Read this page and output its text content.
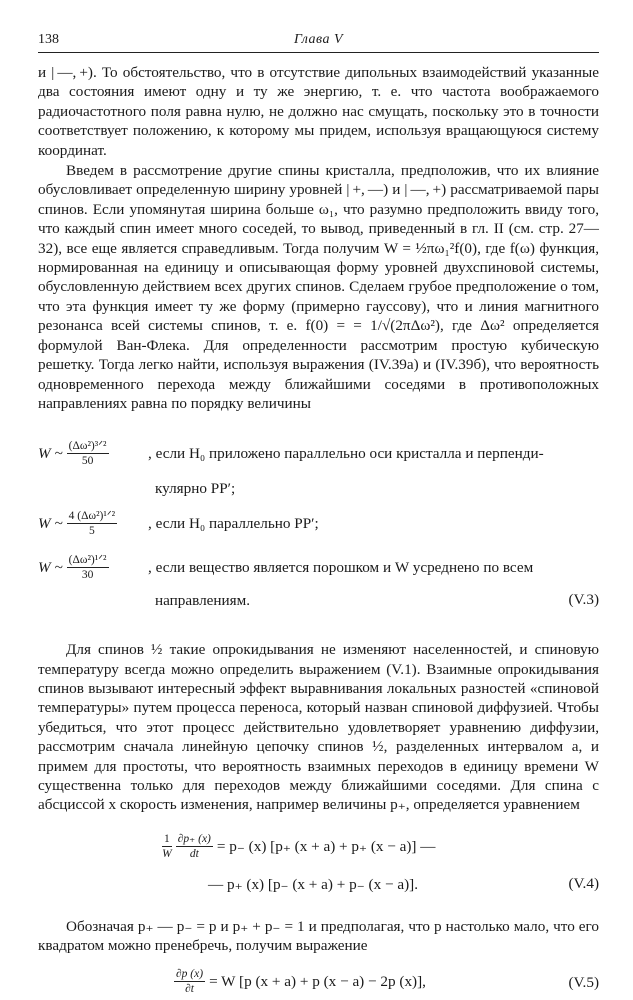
138	Глава V

и | —, +). То обстоятельство, что в отсутствие дипольных взаимодействий указанные два состояния имеют одну и ту же энергию, т. е. что частота воображаемого радиочастотного поля равна нулю, не должно нас смущать, поскольку это в точности соответствует положению, к которому мы придем, используя вращающуюся систему координат.

Введем в рассмотрение другие спины кристалла, предположив, что их влияние обусловливает определенную ширину уровней | +, —) и | —, +) рассматриваемой пары спинов. Если упомянутая ширина больше ω₁, что разумно предположить ввиду того, что каждый спин имеет много соседей, то вывод, приведенный в гл. II (см. стр. 27—32), все еще является справедливым. Тогда получим W = ½πω₁²f(0), где f(ω) функция, нормированная на единицу и описывающая форму уровней двухспиновой системы, обусловленную действием всех других спинов. Сделаем грубое предположение о том, что эта функция имеет ту же форму (примерно гауссову), что и линия магнитного резонанса всей системы спинов, т. е. f(0) = = 1/√(2πΔω²), где Δω² определяется формулой Ван-Флека. Для определенности рассмотрим простую кубическую решетку. Тогда легко найти, используя выражения (IV.39а) и (IV.39б), что вероятность одновременного перехода между ближайшими соседями в противоположных направлениях равна по порядку величины

W ~ $\frac{\text{(Δω²)³ᐟ²}}{50}$	, если H₀ приложено параллельно оси кристалла и перпенди-
кулярно PP′;
W ~ $\frac{\text{4 (Δω²)¹ᐟ²}}{5}$ , если H₀ параллельно PP′;
W ~ $\frac{\text{(Δω²)¹ᐟ²}}{30}$	, если вещество является порошком и W усреднено по всем
направлениям.	(V.3)

Для спинов ½ такие опрокидывания не изменяют населенностей, и спиновую температуру всегда можно определить выражением (V.1). Взаимные опрокидывания спинов вызывают интересный эффект выравнивания локальных разностей «спиновой температуры» путем процесса переноса, который назван спиновой диффузией. Чтобы убедиться, что этот процесс действительно удовлетворяет уравнению диффузии, рассмотрим сначала линейную цепочку спинов ½, разделенных интервалом a, и примем для простоты, что вероятность взаимных переходов в единицу времени W существенна только для переходов между ближайшими соседями. Для спина с абсциссой x скорость изменения, например величины p₊, определяется уравнением

$\frac{1}{W} \frac{\partial p_+ (x)}{dt} = p_-$ (x) [p₊ (x + a) + p₊ (x − a)] —
— p₊ (x) [p₋ (x + a) + p₋ (x − a)].	(V.4)

Обозначая p₊ — p₋ = p и p₊ + p₋ = 1 и предполагая, что p настолько мало, что его квадратом можно пренебречь, получим выражение

$\frac{\partial p (x)}{\partial t} = W$ [p (x + a) + p (x − a) − 2p (x)],	(V.5)
